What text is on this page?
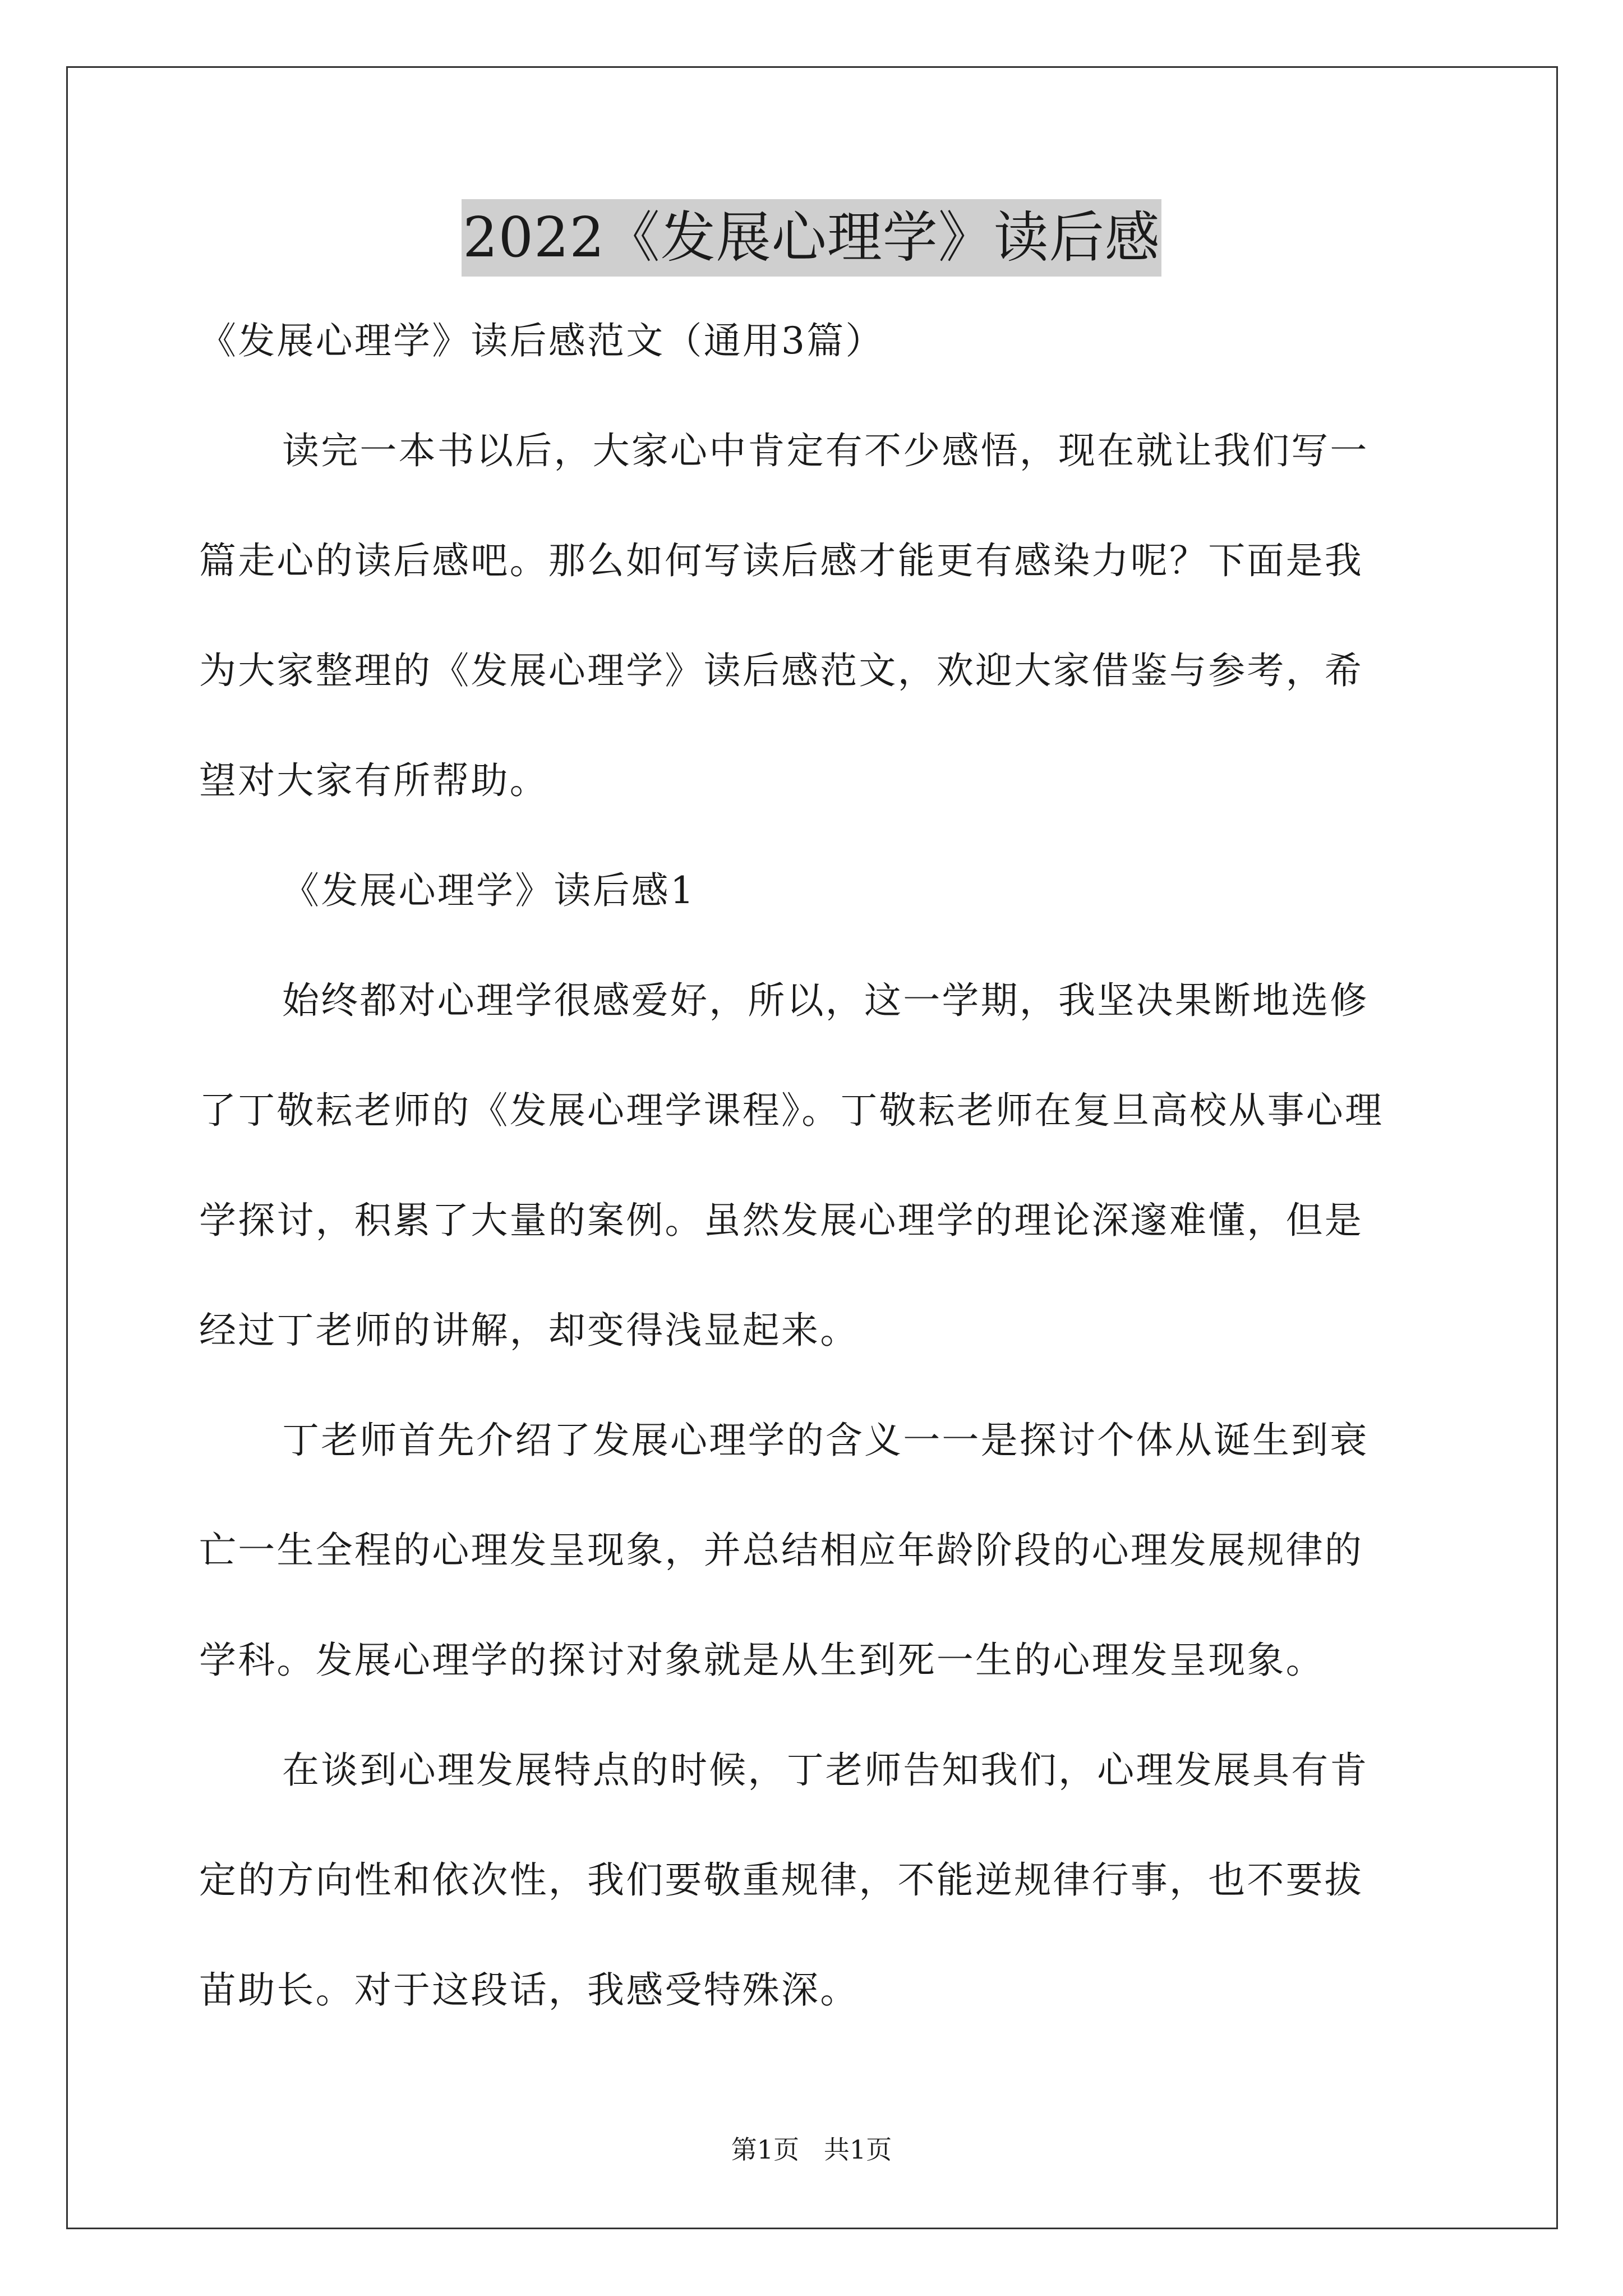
2022《发展心理学》读后感
《发展心理学》读后感范文（通用3篇）
读完一本书以后，大家心中肯定有不少感悟，现在就让我们写一
篇走心的读后感吧。那么如何写读后感才能更有感染力呢？下面是我
为大家整理的《发展心理学》读后感范文，欢迎大家借鉴与参考，希
望对大家有所帮助。
《发展心理学》读后感1
始终都对心理学很感爱好，所以，这一学期，我坚决果断地选修
了丁敬耘老师的《发展心理学课程》。丁敬耘老师在复旦高校从事心理
学探讨，积累了大量的案例。虽然发展心理学的理论深邃难懂，但是
经过丁老师的讲解，却变得浅显起来。
丁老师首先介绍了发展心理学的含义一一是探讨个体从诞生到衰
亡一生全程的心理发呈现象，并总结相应年龄阶段的心理发展规律的
学科。发展心理学的探讨对象就是从生到死一生的心理发呈现象。
在谈到心理发展特点的时候，丁老师告知我们，心理发展具有肯
定的方向性和依次性，我们要敬重规律，不能逆规律行事，也不要拔
苗助长。对于这段话，我感受特殊深。
第1页   共1页
